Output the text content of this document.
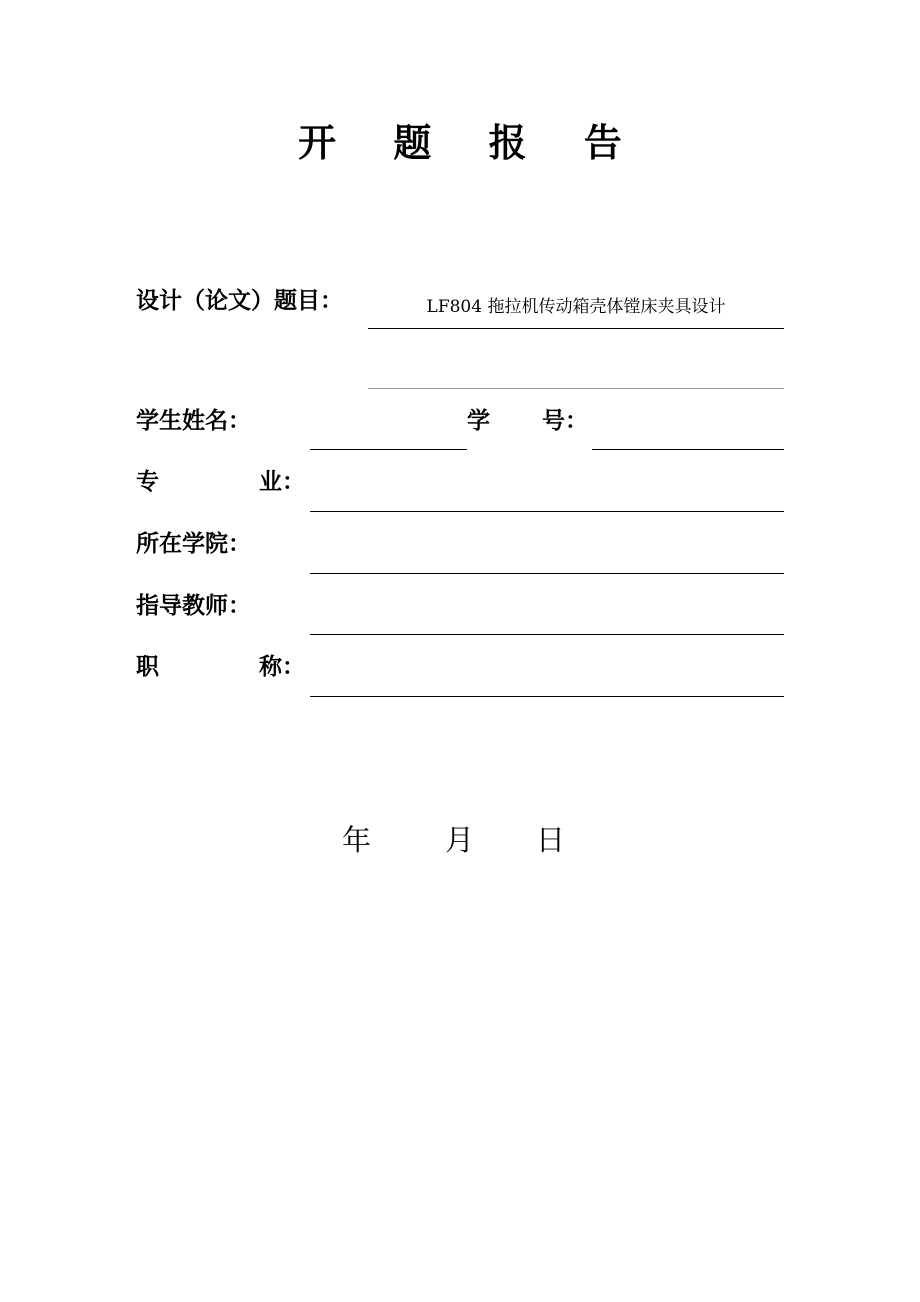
开 题 报 告
设计（论文）题目：	LF804 拖拉机传动箱壳体镗床夹具设计
学生姓名：	学 号：
专	业：
所在学院：
指导教师：
职	称：
年	月 日
